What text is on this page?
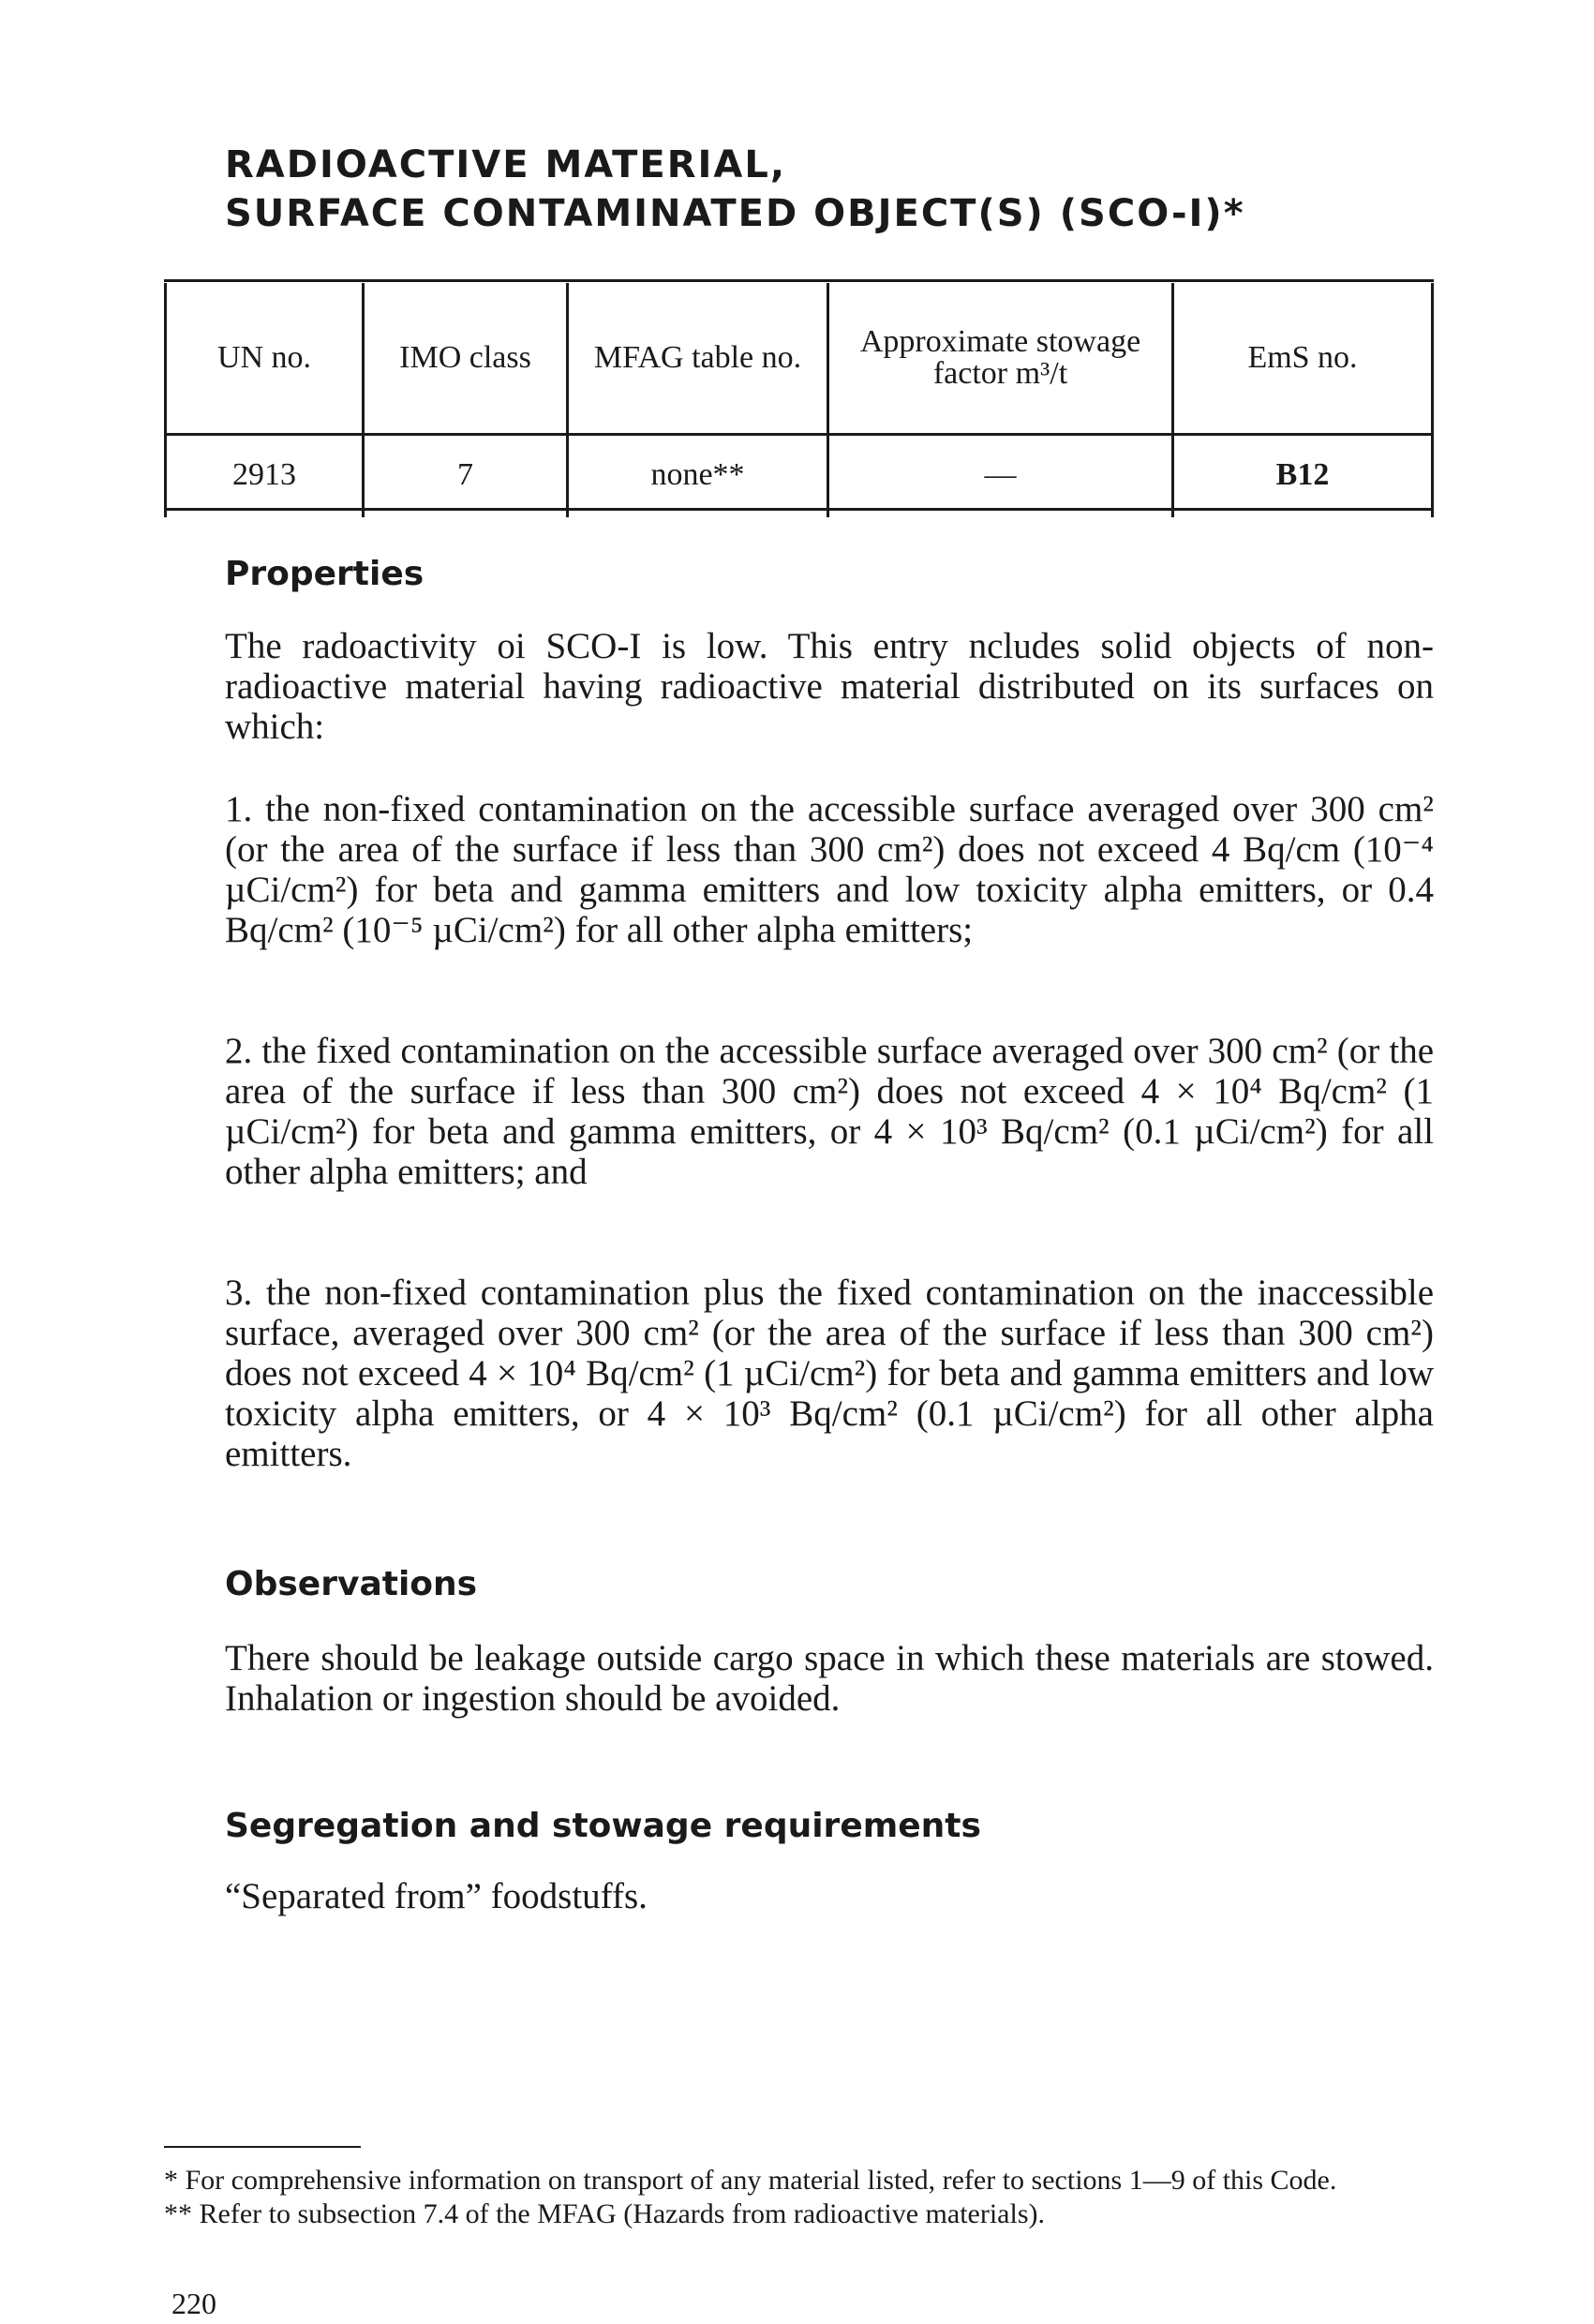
RADIOACTIVE MATERIAL,
SURFACE CONTAMINATED OBJECT(S) (SCO-I)*
UN no.	IMO class	MFAG table no.	Approximate stowage factor m³/t	EmS no.
2913	7	none**	—	B12
Properties
The radoactivity oi SCO-I is low. This entry ncludes solid objects of non-radioactive material having radioactive material distributed on its surfaces on which:
1. the non-fixed contamination on the accessible surface averaged over 300 cm² (or the area of the surface if less than 300 cm²) does not exceed 4 Bq/cm (10⁻⁴ µCi/cm²) for beta and gamma emitters and low toxicity alpha emitters, or 0.4 Bq/cm² (10⁻⁵ µCi/cm²) for all other alpha emitters;
2. the fixed contamination on the accessible surface averaged over 300 cm² (or the area of the surface if less than 300 cm²) does not exceed 4 × 10⁴ Bq/cm² (1 µCi/cm²) for beta and gamma emitters, or 4 × 10³ Bq/cm² (0.1 µCi/cm²) for all other alpha emitters; and
3. the non-fixed contamination plus the fixed contamination on the inaccessible surface, averaged over 300 cm² (or the area of the surface if less than 300 cm²) does not exceed 4 × 10⁴ Bq/cm² (1 µCi/cm²) for beta and gamma emitters and low toxicity alpha emitters, or 4 × 10³ Bq/cm² (0.1 µCi/cm²) for all other alpha emitters.
Observations
There should be leakage outside cargo space in which these materials are stowed. Inhalation or ingestion should be avoided.
Segregation and stowage requirements
“Separated from” foodstuffs.
* For comprehensive information on transport of any material listed, refer to sections 1—9 of this Code.
** Refer to subsection 7.4 of the MFAG (Hazards from radioactive materials).
220
